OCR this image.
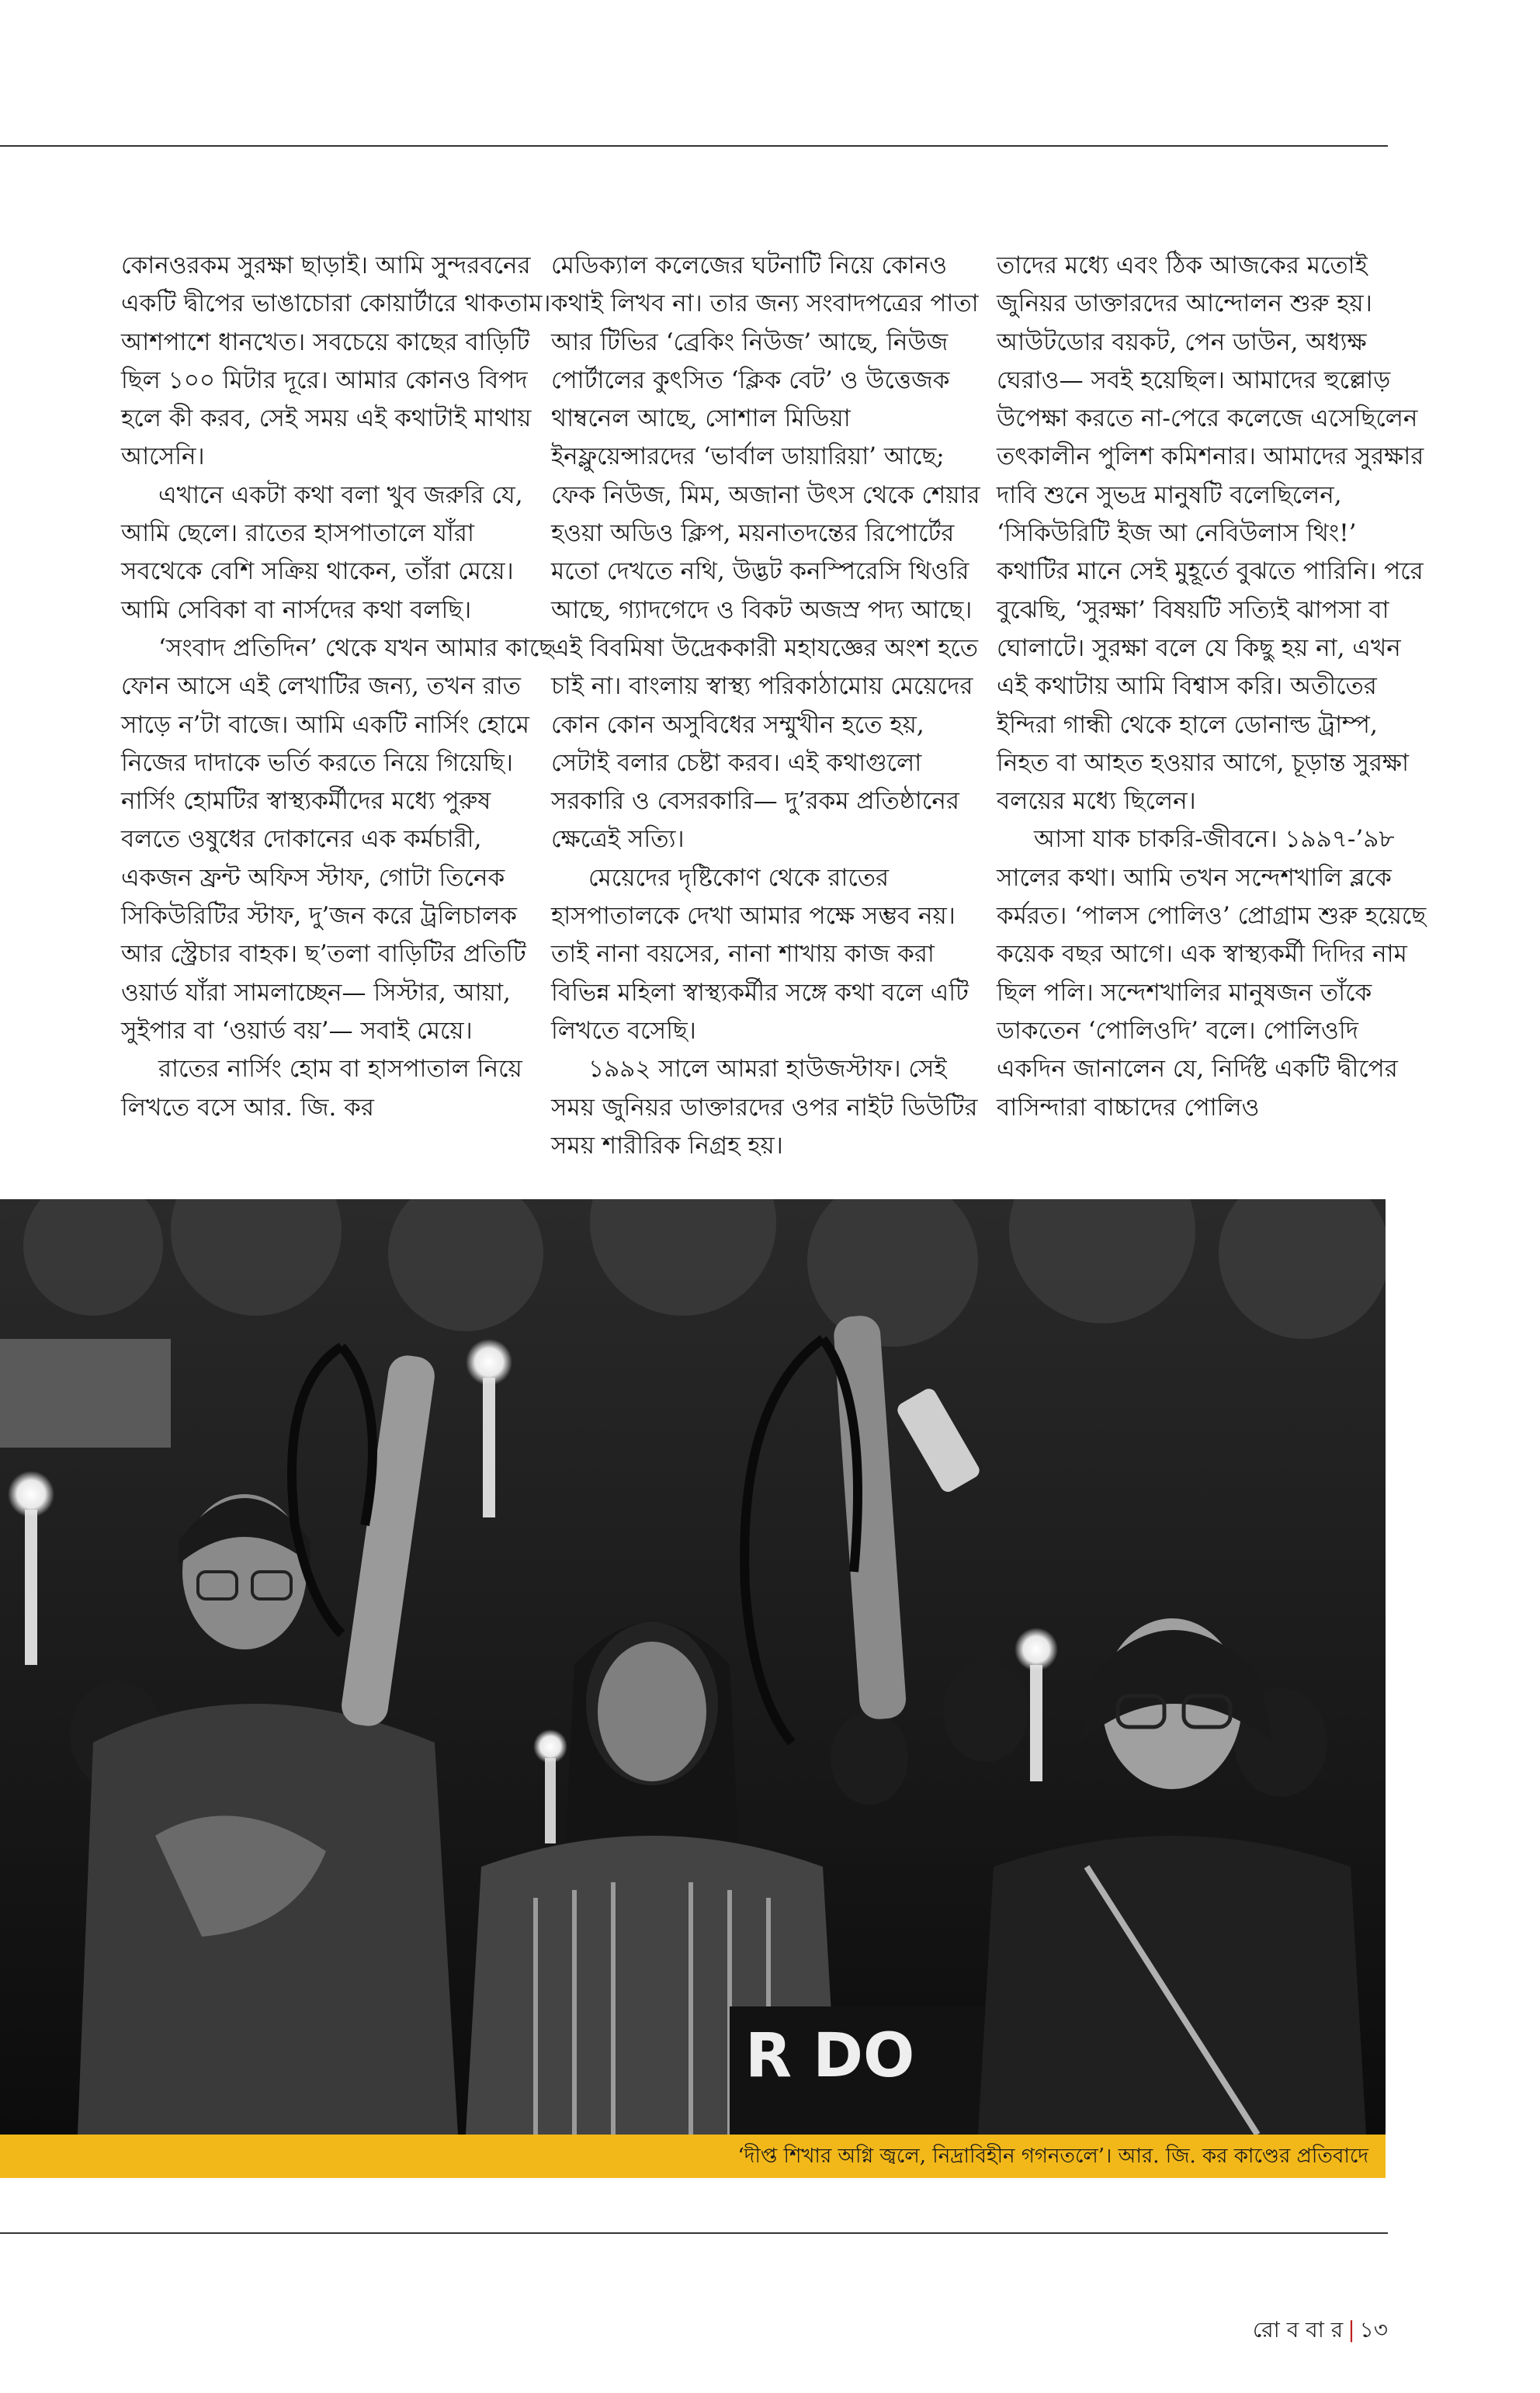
কোনওরকম সুরক্ষা ছাড়াই। আমি সুন্দরবনের একটি দ্বীপের ভাঙাচোরা কোয়ার্টারে থাকতাম। আশপাশে ধানখেত। সবচেয়ে কাছের বাড়িটি ছিল ১০০ মিটার দূরে। আমার কোনও বিপদ হলে কী করব, সেই সময় এই কথাটাই মাথায় আসেনি।

এখানে একটা কথা বলা খুব জরুরি যে, আমি ছেলে। রাতের হাসপাতালে যাঁরা সবথেকে বেশি সক্রিয় থাকেন, তাঁরা মেয়ে। আমি সেবিকা বা নার্সদের কথা বলছি।

‘সংবাদ প্রতিদিন’ থেকে যখন আমার কাছে ফোন আসে এই লেখাটির জন্য, তখন রাত সাড়ে ন’টা বাজে। আমি একটি নার্সিং হোমে নিজের দাদাকে ভর্তি করতে নিয়ে গিয়েছি। নার্সিং হোমটির স্বাস্থ্যকর্মীদের মধ্যে পুরুষ বলতে ওষুধের দোকানের এক কর্মচারী, একজন ফ্রন্ট অফিস স্টাফ, গোটা তিনেক সিকিউরিটির স্টাফ, দু’জন করে ট্রলিচালক আর স্ট্রেচার বাহক। ছ’তলা বাড়িটির প্রতিটি ওয়ার্ড যাঁরা সামলাচ্ছেন— সিস্টার, আয়া, সুইপার বা ‘ওয়ার্ড বয়’— সবাই মেয়ে।

রাতের নার্সিং হোম বা হাসপাতাল নিয়ে লিখতে বসে আর. জি. কর

মেডিক্যাল কলেজের ঘটনাটি নিয়ে কোনও কথাই লিখব না। তার জন্য সংবাদপত্রের পাতা আর টিভির ‘ব্রেকিং নিউজ’ আছে, নিউজ পোর্টালের কুৎসিত ‘ক্লিক বেট’ ও উত্তেজক থাম্বনেল আছে, সোশাল মিডিয়া ইনফ্লুয়েন্সারদের ‘ভার্বাল ডায়ারিয়া’ আছে; ফেক নিউজ, মিম, অজানা উৎস থেকে শেয়ার হওয়া অডিও ক্লিপ, ময়নাতদন্তের রিপোর্টের মতো দেখতে নথি, উদ্ভট কনস্পিরেসি থিওরি আছে, গ্যাদগেদে ও বিকট অজস্র পদ্য আছে। এই বিবমিষা উদ্রেককারী মহাযজ্ঞের অংশ হতে চাই না। বাংলায় স্বাস্থ্য পরিকাঠামোয় মেয়েদের কোন কোন অসুবিধের সম্মুখীন হতে হয়, সেটাই বলার চেষ্টা করব। এই কথাগুলো সরকারি ও বেসরকারি— দু’রকম প্রতিষ্ঠানের ক্ষেত্রেই সত্যি।

মেয়েদের দৃষ্টিকোণ থেকে রাতের হাসপাতালকে দেখা আমার পক্ষে সম্ভব নয়। তাই নানা বয়সের, নানা শাখায় কাজ করা বিভিন্ন মহিলা স্বাস্থ্যকর্মীর সঙ্গে কথা বলে এটি লিখতে বসেছি।

১৯৯২ সালে আমরা হাউজস্টাফ। সেই সময় জুনিয়র ডাক্তারদের ওপর নাইট ডিউটির সময় শারীরিক নিগ্রহ হয়।

তাদের মধ্যে এবং ঠিক আজকের মতোই জুনিয়র ডাক্তারদের আন্দোলন শুরু হয়। আউটডোর বয়কট, পেন ডাউন, অধ্যক্ষ ঘেরাও— সবই হয়েছিল। আমাদের হুল্লোড় উপেক্ষা করতে না-পেরে কলেজে এসেছিলেন তৎকালীন পুলিশ কমিশনার। আমাদের সুরক্ষার দাবি শুনে সুভদ্র মানুষটি বলেছিলেন, ‘সিকিউরিটি ইজ আ নেবিউলাস থিং!’ কথাটির মানে সেই মুহূর্তে বুঝতে পারিনি। পরে বুঝেছি, ‘সুরক্ষা’ বিষয়টি সত্যিই ঝাপসা বা ঘোলাটে। সুরক্ষা বলে যে কিছু হয় না, এখন এই কথাটায় আমি বিশ্বাস করি। অতীতের ইন্দিরা গান্ধী থেকে হালে ডোনাল্ড ট্রাম্প, নিহত বা আহত হওয়ার আগে, চূড়ান্ত সুরক্ষা বলয়ের মধ্যে ছিলেন।

আসা যাক চাকরি-জীবনে। ১৯৯৭-’৯৮ সালের কথা। আমি তখন সন্দেশখালি ব্লকে কর্মরত। ‘পালস পোলিও’ প্রোগ্রাম শুরু হয়েছে কয়েক বছর আগে। এক স্বাস্থ্যকর্মী দিদির নাম ছিল পলি। সন্দেশখালির মানুষজন তাঁকে ডাকতেন ‘পোলিওদি’ বলে। পোলিওদি একদিন জানালেন যে, নির্দিষ্ট একটি দ্বীপের বাসিন্দারা বাচ্চাদের পোলিও

R DO
‘দীপ্ত শিখার অগ্নি জ্বলে, নিদ্রাবিহীন গগনতলে’। আর. জি. কর কাণ্ডের প্রতিবাদে
রো ব বা র | ১৩
